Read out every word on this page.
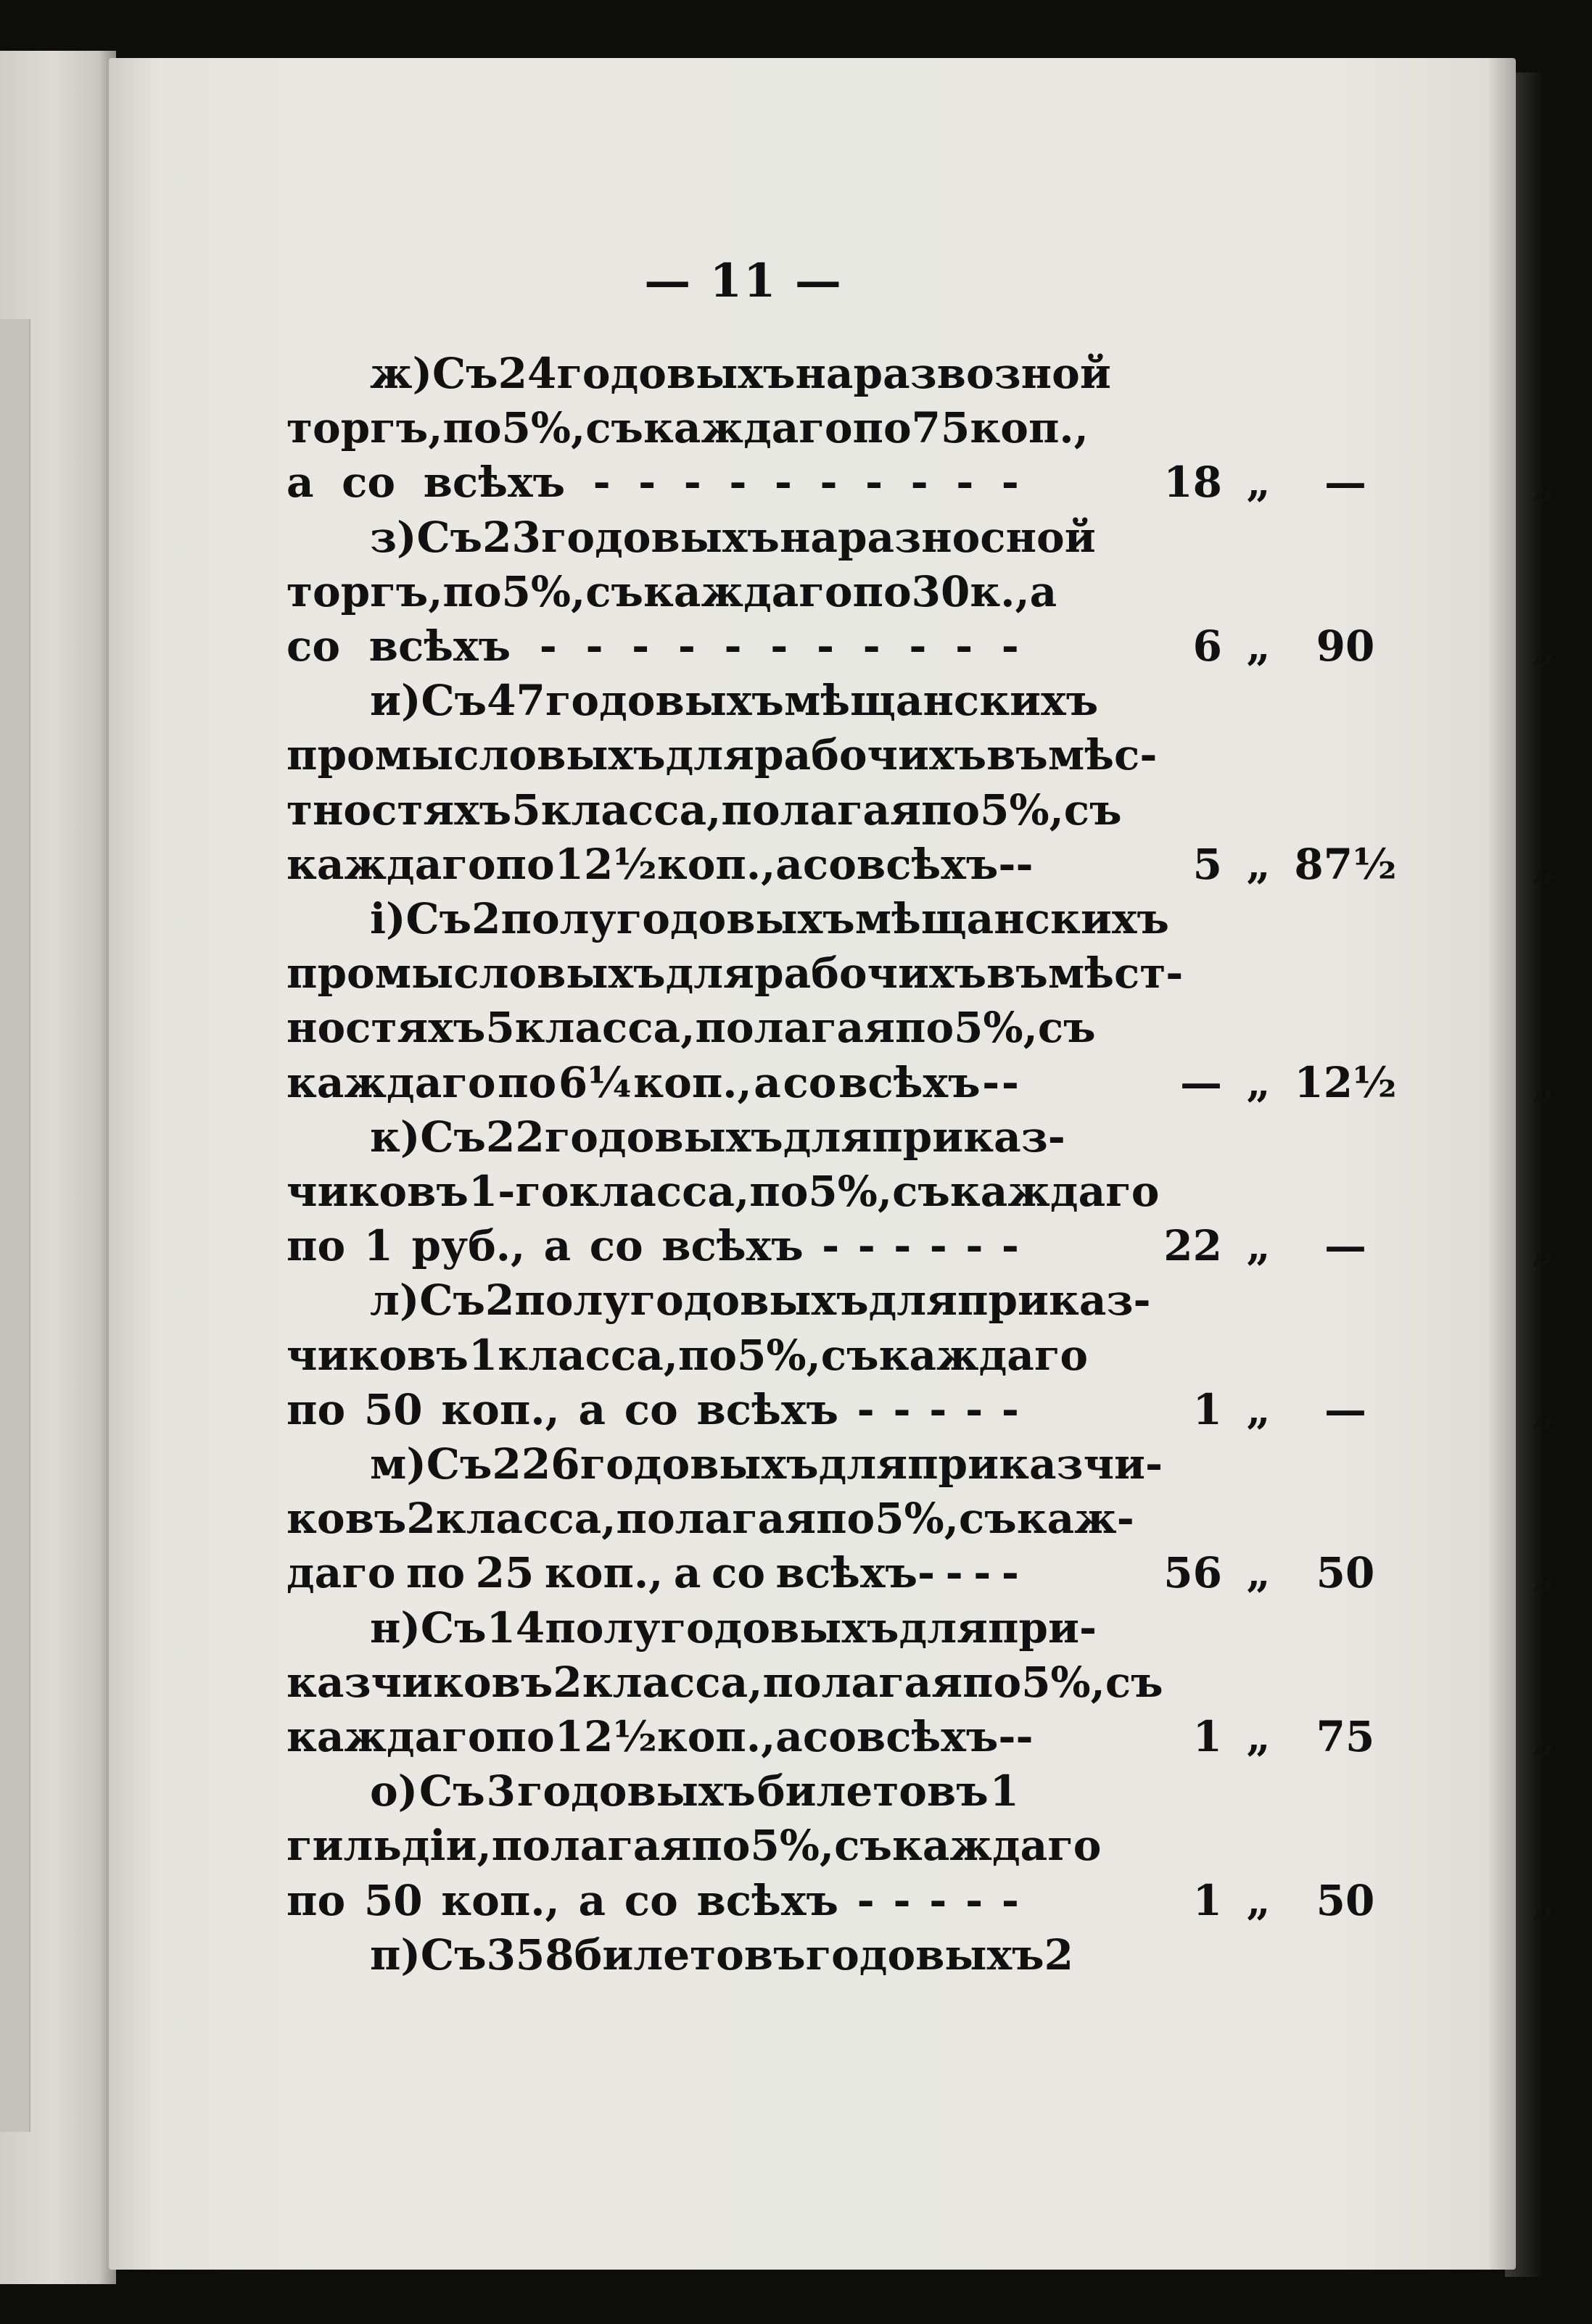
— 11 —
ж) Съ 24 годовыхъ на развозной
торгъ, по 5%, съ каждаго по 75 коп.,
а со всѣхъ - - - - - - - - - -	18 „	—	„
з) Съ 23 годовыхъ на разносной
торгъ, по 5%, съ каждаго по 30 к., а
со всѣхъ - - - - - - - - - - -	6 „	90	„
и) Съ 47 годовыхъ мѣщанскихъ
промысловыхъ для рабочихъ въ мѣс-
тностяхъ 5 класса, полагая по 5%, съ
каждаго по 12½ коп., а со всѣхъ - -	5 „ 87½	„
і) Съ 2 полугодовыхъ мѣщанскихъ
промысловыхъ для рабочихъ въ мѣст-
ностяхъ 5 класса, полагая по 5%, съ
каждаго по 6¼ коп., а со всѣхъ - -	— „ 12½	„
к) Съ 22 годовыхъ для приказ-
чиковъ 1-го класса, по 5%, съ каждаго
по 1 руб., а со всѣхъ - - - - - -	22 „	—	„
л) Съ 2 полугодовыхъ для приказ-
чиковъ 1 класса, по 5%, съ каждаго
по 50 коп., а со всѣхъ - - - - -	1 „	—	„
м) Съ 226 годовыхъ для приказчи-
ковъ 2 класса, полагая по 5%, съ каж-
даго по 25 коп., а со всѣхъ- - - -	56 „	50	„
н) Съ 14 полугодовыхъ для при-
казчиковъ 2 класса, полагая по 5%, съ
каждаго по 12½ коп., а со всѣхъ - -	1 „	75	„
о) Съ 3 годовыхъ билетовъ 1
гильдіи, полагая по 5%, съ каждаго
по 50 коп., а со всѣхъ - - - - -	1 „	50	„
п) Съ 358 билетовъ годовыхъ 2
